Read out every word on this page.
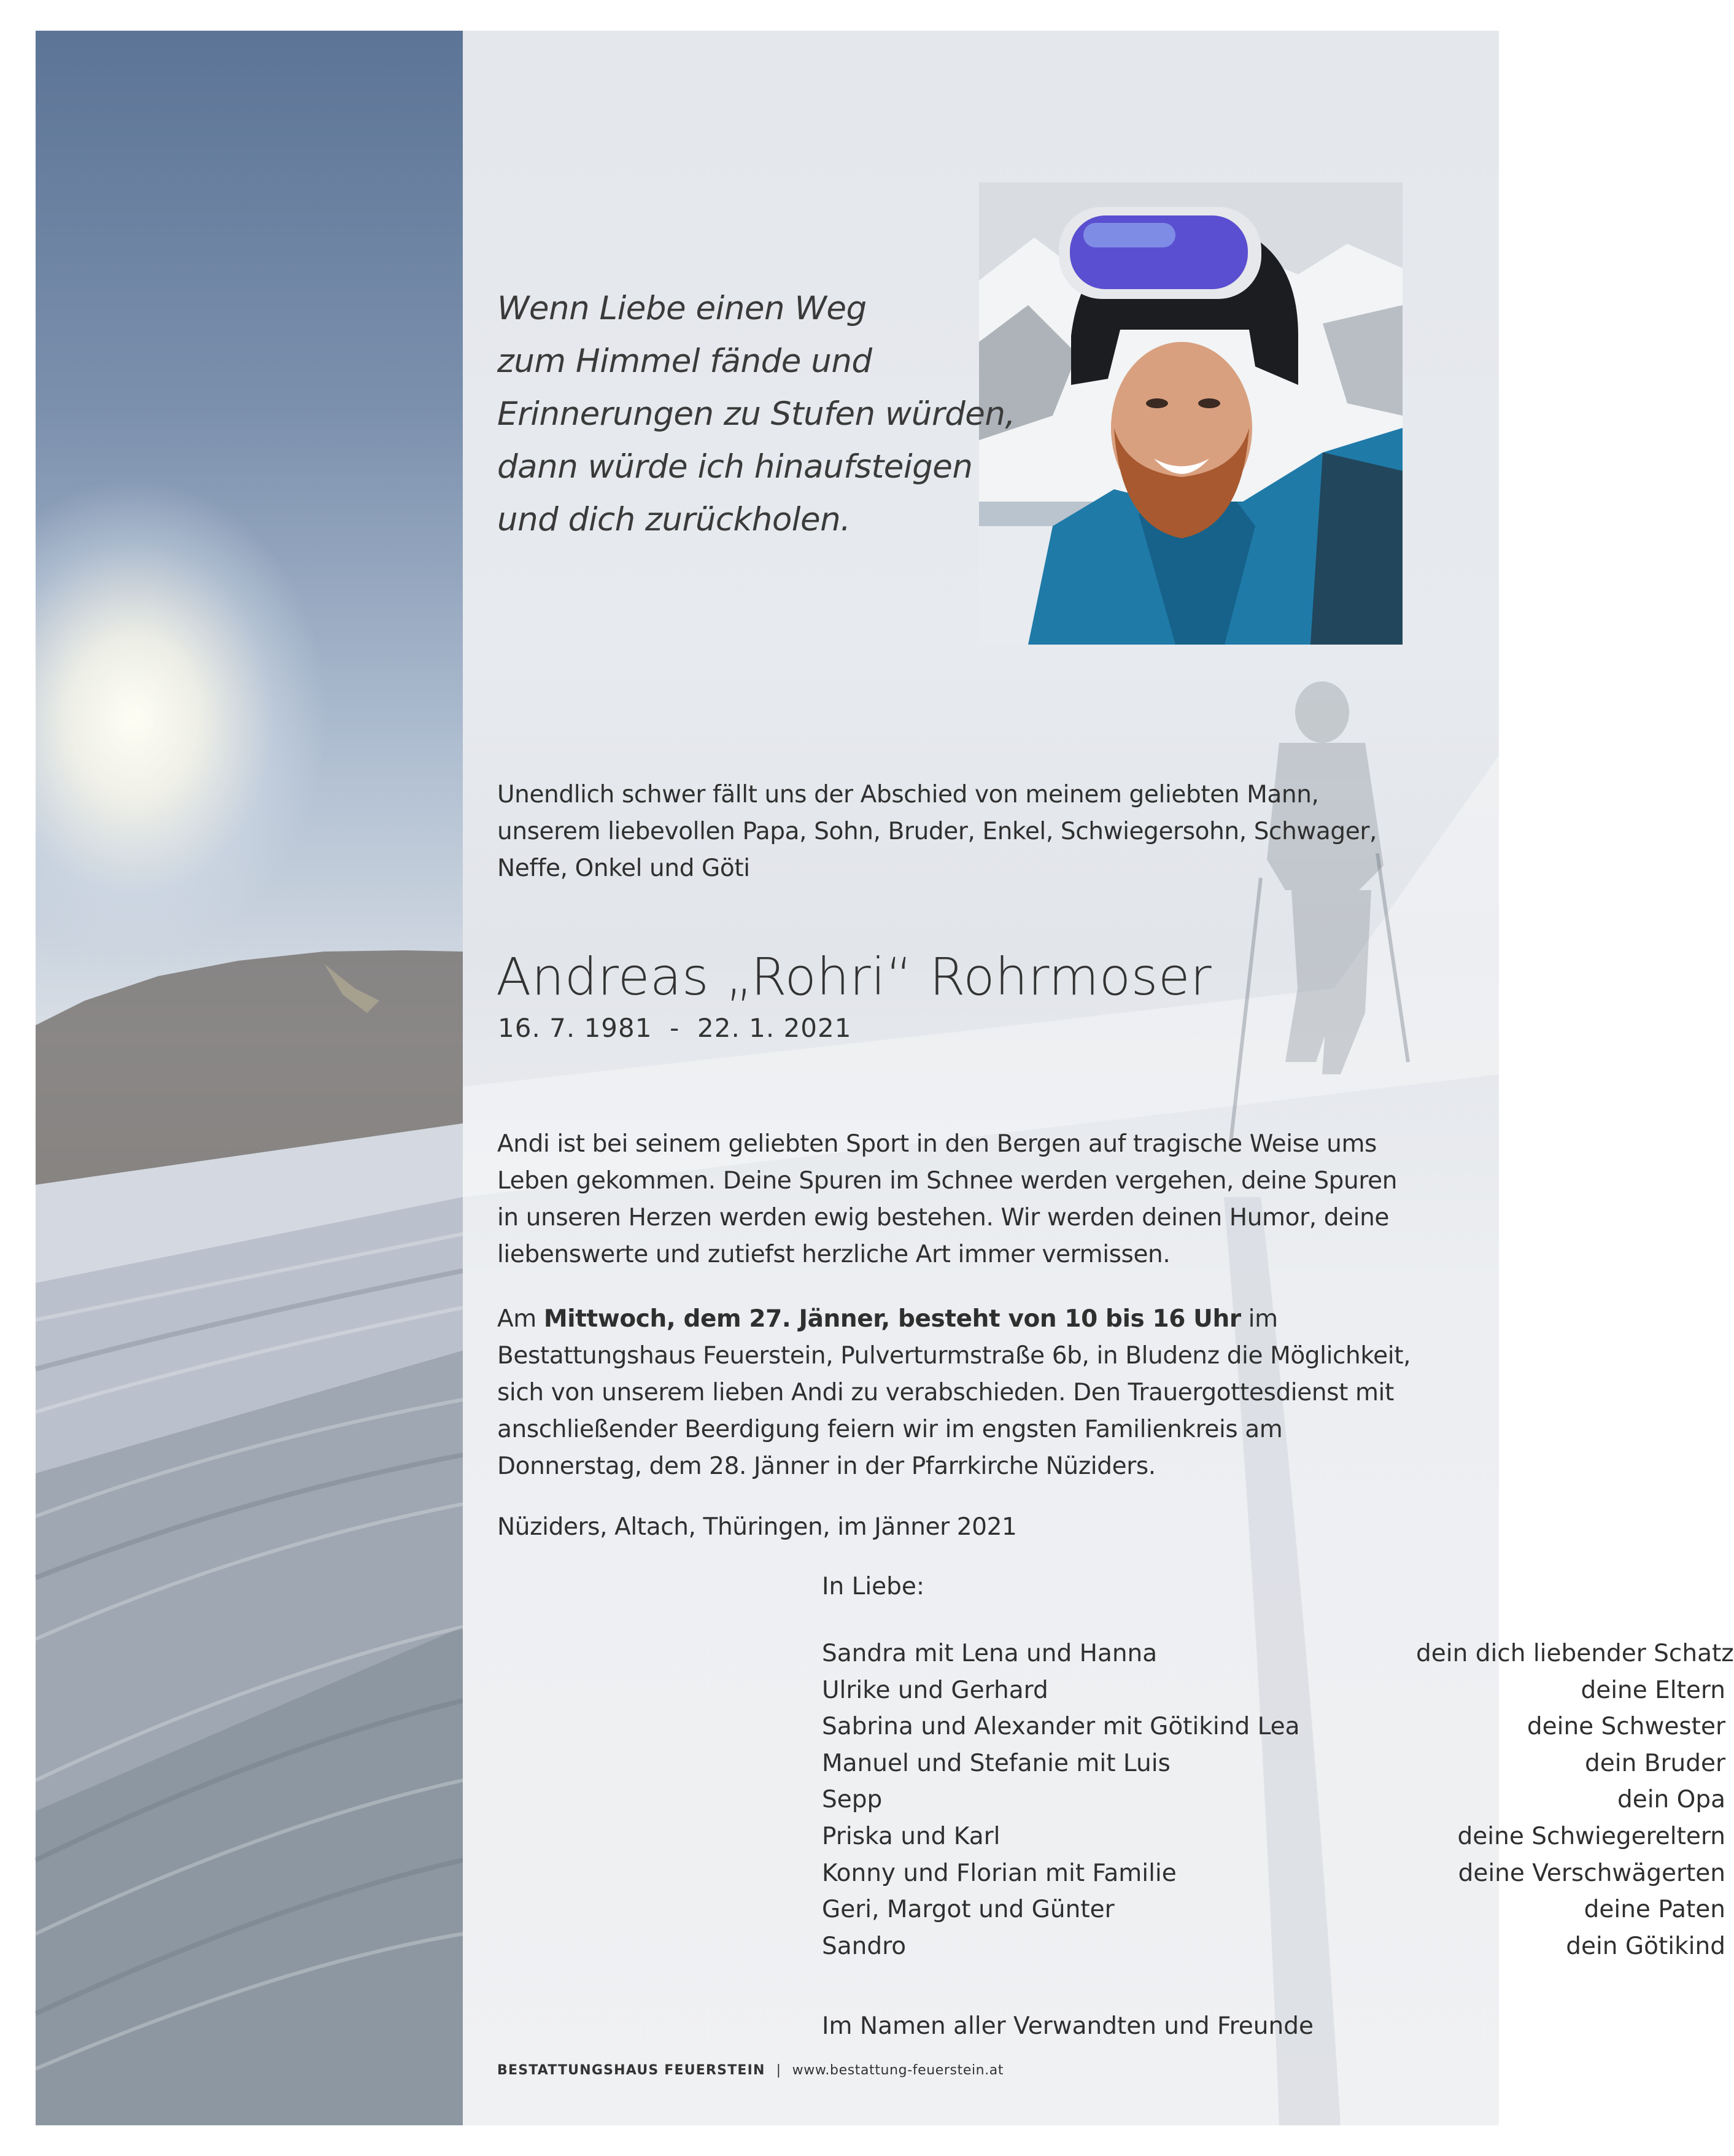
Wenn Liebe einen Weg
zum Himmel fände und
Erinnerungen zu Stufen würden,
dann würde ich hinaufsteigen
und dich zurückholen.
Unendlich schwer fällt uns der Abschied von meinem geliebten Mann, unserem liebevollen Papa, Sohn, Bruder, Enkel, Schwiegersohn, Schwager, Neffe, Onkel und Göti
Andreas „Rohri“ Rohrmoser
16. 7. 1981  -  22. 1. 2021
Andi ist bei seinem geliebten Sport in den Bergen auf tragische Weise ums Leben gekommen. Deine Spuren im Schnee werden vergehen, deine Spuren in unseren Herzen werden ewig bestehen. Wir werden deinen Humor, deine liebenswerte und zutiefst herzliche Art immer vermissen.
Am Mittwoch, dem 27. Jänner, besteht von 10 bis 16 Uhr im Bestattungshaus Feuerstein, Pulverturmstraße 6b, in Bludenz die Möglichkeit, sich von unserem lieben Andi zu verabschieden. Den Trauergottesdienst mit anschließender Beerdigung feiern wir im engsten Familienkreis am Donnerstag, dem 28. Jänner in der Pfarrkirche Nüziders.
Nüziders, Altach, Thüringen, im Jänner 2021
In Liebe:
dein dich liebender Schatz
Sandra mit Lena und Hanna
deine Eltern
Ulrike und Gerhard
deine Schwester
Sabrina und Alexander mit Götikind Lea
dein Bruder
Manuel und Stefanie mit Luis
dein Opa
Sepp
deine Schwiegereltern
Priska und Karl
deine Verschwägerten
Konny und Florian mit Familie
deine Paten
Geri, Margot und Günter
dein Götikind
Sandro
Im Namen aller Verwandten und Freunde
BESTATTUNGSHAUS FEUERSTEIN | www.bestattung-feuerstein.at
